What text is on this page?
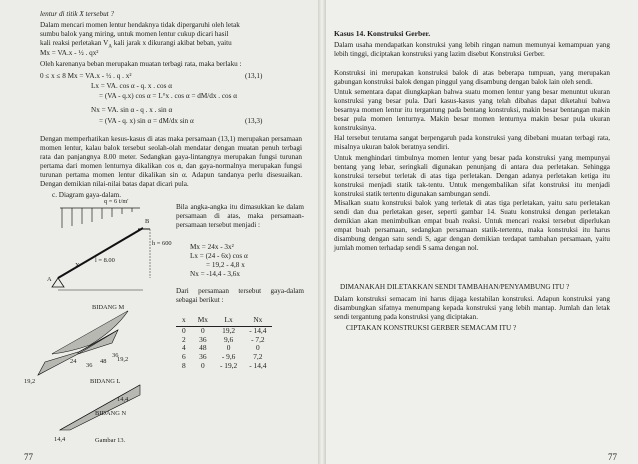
lentur di titik X tersebut ?
Dalam mencari momen lentur hendaknya tidak dipergaruhi oleh letak
sumbu balok yang miring, untuk momen lentur cukup dicari hasil
kali reaksi perletakan $V_A$ kali jarak x dikurangi akibat beban, yaitu
Mx = VA.x - ½ . qx²
Oleh karenanya beban merupakan muatan terbagi rata, maka berlaku :
0 ≤ x ≤ 8 Mx = VA.x - ½ . q . x²	(13,1)
Lx = VA. cos α - q. x . cos α
= (VA - q.x) cos α = L°x . cos α = dM/dx . cos α
Nx = VA. sin α - q . x . sin α
= (VA - q. x) sin α = dM/dx sin α	(13,3)
Dengan memperhatikan kesus-kasus di atas maka persamaan (13,1) merupakan persamaan momen lentur, kalau balok tersebut seolah-olah mendatar dengan muatan penuh terbagi rata dan panjangnya 8.00 meter. Sedangkan gaya-lintangnya merupakan fungsi turunan pertama dari momen lenturnya dikalikan cos α, dan gaya-normalnya merupakan fungsi turunan pertama momen lentur dikalikan sin α. Adapun tandanya perlu disesuaikan. Dengan demikian nilai-nilai batas dapat dicari pula.
c. Diagram gaya-dalam.
q = 6 t/m'
l = 8.00
h = 600
A
B
X
BIDANG M
24
36
48
36
19,2
19,2
BIDANG L
14,4
14,4
BIDANG N
Gambar 13.
Bila angka-angka itu dimasukkan ke dalam persamaan di atas, maka persamaan-persamaan tersebut menjadi :
Mx = 24x - 3x²
Lx = (24 - 6x) cos α
= 19,2 - 4,8 x
Nx = -14,4 - 3,6x
Dari persamaan tersebut gaya-dalam sebagai berikut :
x	Mx	Lx	Nx
0	0	19,2	- 14,4
2	36	9,6	- 7,2
4	48	0	0
6	36	- 9,6	7,2
8	0	- 19,2	- 14,4
77
Kasus 14. Konstruksi Gerber.
Dalam usaha mendapatkan konstruksi yang lebih ringan namun memunyai kemampuan yang lebih tinggi, diciptakan konstruksi yang lazim disebut Konstruksi Gerber.
Konstruksi ini merupakan konstruksi balok di atas beberapa tumpuan, yang merupakan gabungan konstruksi balok dengan pinggul yang disambung dengan balok lain oleh sendi.
Untuk sementara dapat diungkapkan bahwa suatu momen lentur yang besar menuntut ukuran konstruksi yang besar pula. Dari kasus-kasus yang telah dibahas dapat diketahui bahwa besarnya momen lentur itu tergantung pada bentang konstruksi, makin besar bentangan makin besar pula momen lenturnya. Makin besar momen lenturnya makin besar pula ukuran konstruksinya.
Hal tersebut terutama sangat berpengaruh pada konstruksi yang dibebani muatan terbagi rata, misalnya ukuran balok beratnya sendiri.
Untuk menghindari timbulnya momen lentur yang besar pada konstruksi yang mempunyai bentang yang lebar, seringkali digunakan penunjang di antara dua perletakan. Sehingga konstruksi tersebut terletak di atas tiga perletakan. Dengan adanya perletakan ketiga itu konstruksi menjadi statik tak-tentu. Untuk mengembalikan sifat konstruksi itu menjadi konstruksi statik tertentu digunakan sambungan sendi.
Misalkan suatu konstruksi balok yang terletak di atas tiga perletakan, yaitu satu perletakan sendi dan dua perletakan geser, seperti gambar 14. Suatu konstruksi dengan perletakan demikian akan menimbulkan empat buah reaksi. Untuk mencari reaksi tersebut diperlukan empat buah persamaan, sedangkan persamaan statik-tertentu, maka konstruksi itu harus disambung dengan satu sendi S, agar dengan demikian terdapat tambahan persamaan, yaitu jumlah momen terhadap sendi S sama dengan nol.
DIMANAKAH DILETAKKAN SENDI TAMBAHAN/PENYAMBUNG ITU ?
Dalam konstruksi semacam ini harus dijaga kestabilan konstruksi. Adapun konstruksi yang disambungkan sifatnya menumpang kepada konstruksi yang lebih mantap. Jumlah dan letak sendi tergantung pada konstruksi yang diciptakan.
CIPTAKAN KONSTRUKSI GERBER SEMACAM ITU ?
77
